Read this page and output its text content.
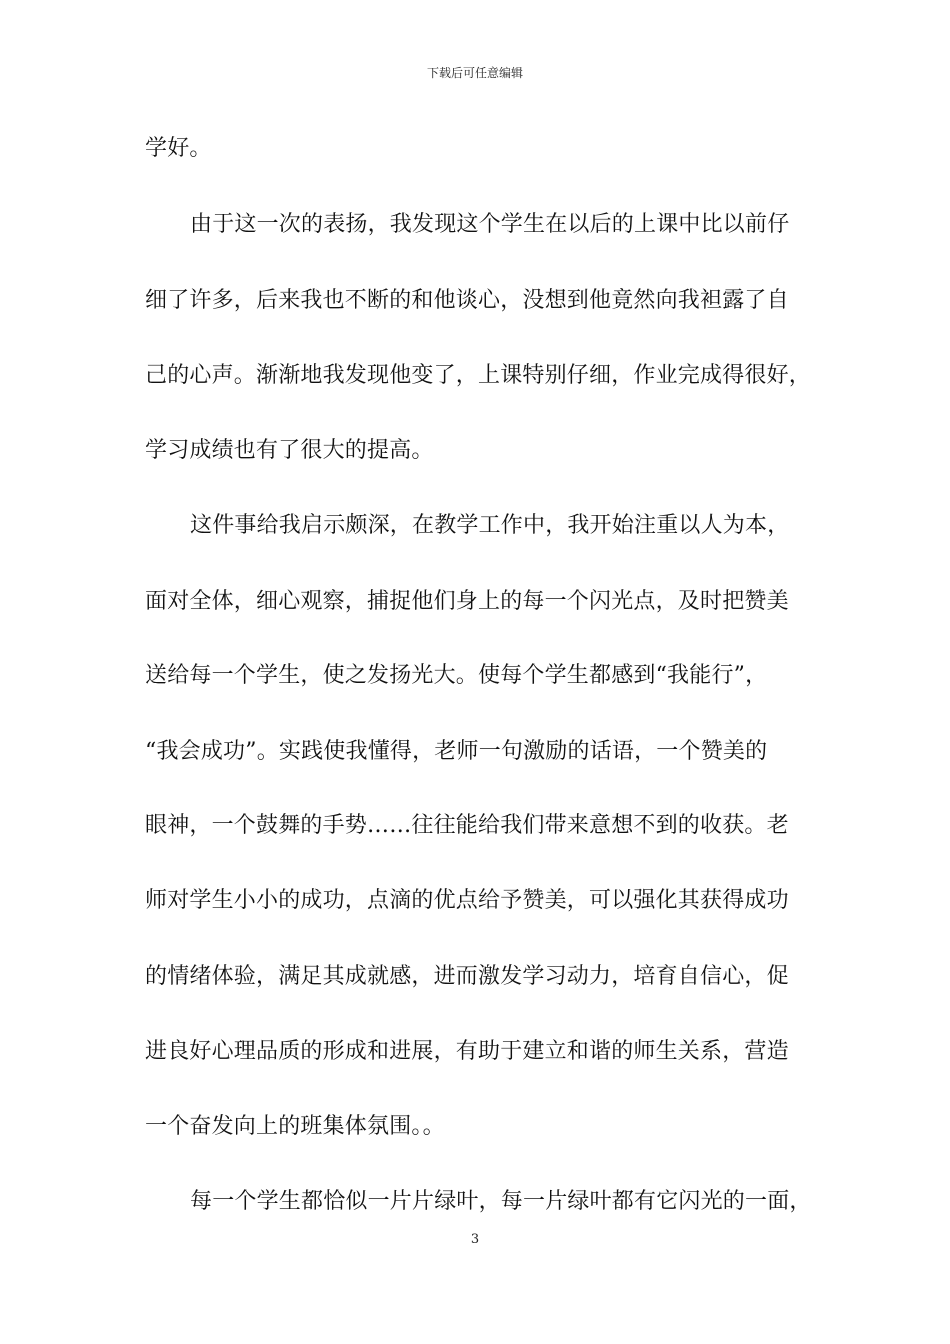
下载后可任意编辑
学好。
由于这一次的表扬，我发现这个学生在以后的上课中比以前仔
细了许多，后来我也不断的和他谈心，没想到他竟然向我袒露了自
己的心声。渐渐地我发现他变了，上课特别仔细，作业完成得很好，
学习成绩也有了很大的提高。
这件事给我启示颇深，在教学工作中，我开始注重以人为本，
面对全体，细心观察，捕捉他们身上的每一个闪光点，及时把赞美
送给每一个学生，使之发扬光大。使每个学生都感到“我能行”，
“我会成功”。实践使我懂得，老师一句激励的话语，一个赞美的
眼神，一个鼓舞的手势……往往能给我们带来意想不到的收获。老
师对学生小小的成功，点滴的优点给予赞美，可以强化其获得成功
的情绪体验，满足其成就感，进而激发学习动力，培育自信心，促
进良好心理品质的形成和进展，有助于建立和谐的师生关系，营造
一个奋发向上的班集体氛围。。
每一个学生都恰似一片片绿叶，每一片绿叶都有它闪光的一面，
3
